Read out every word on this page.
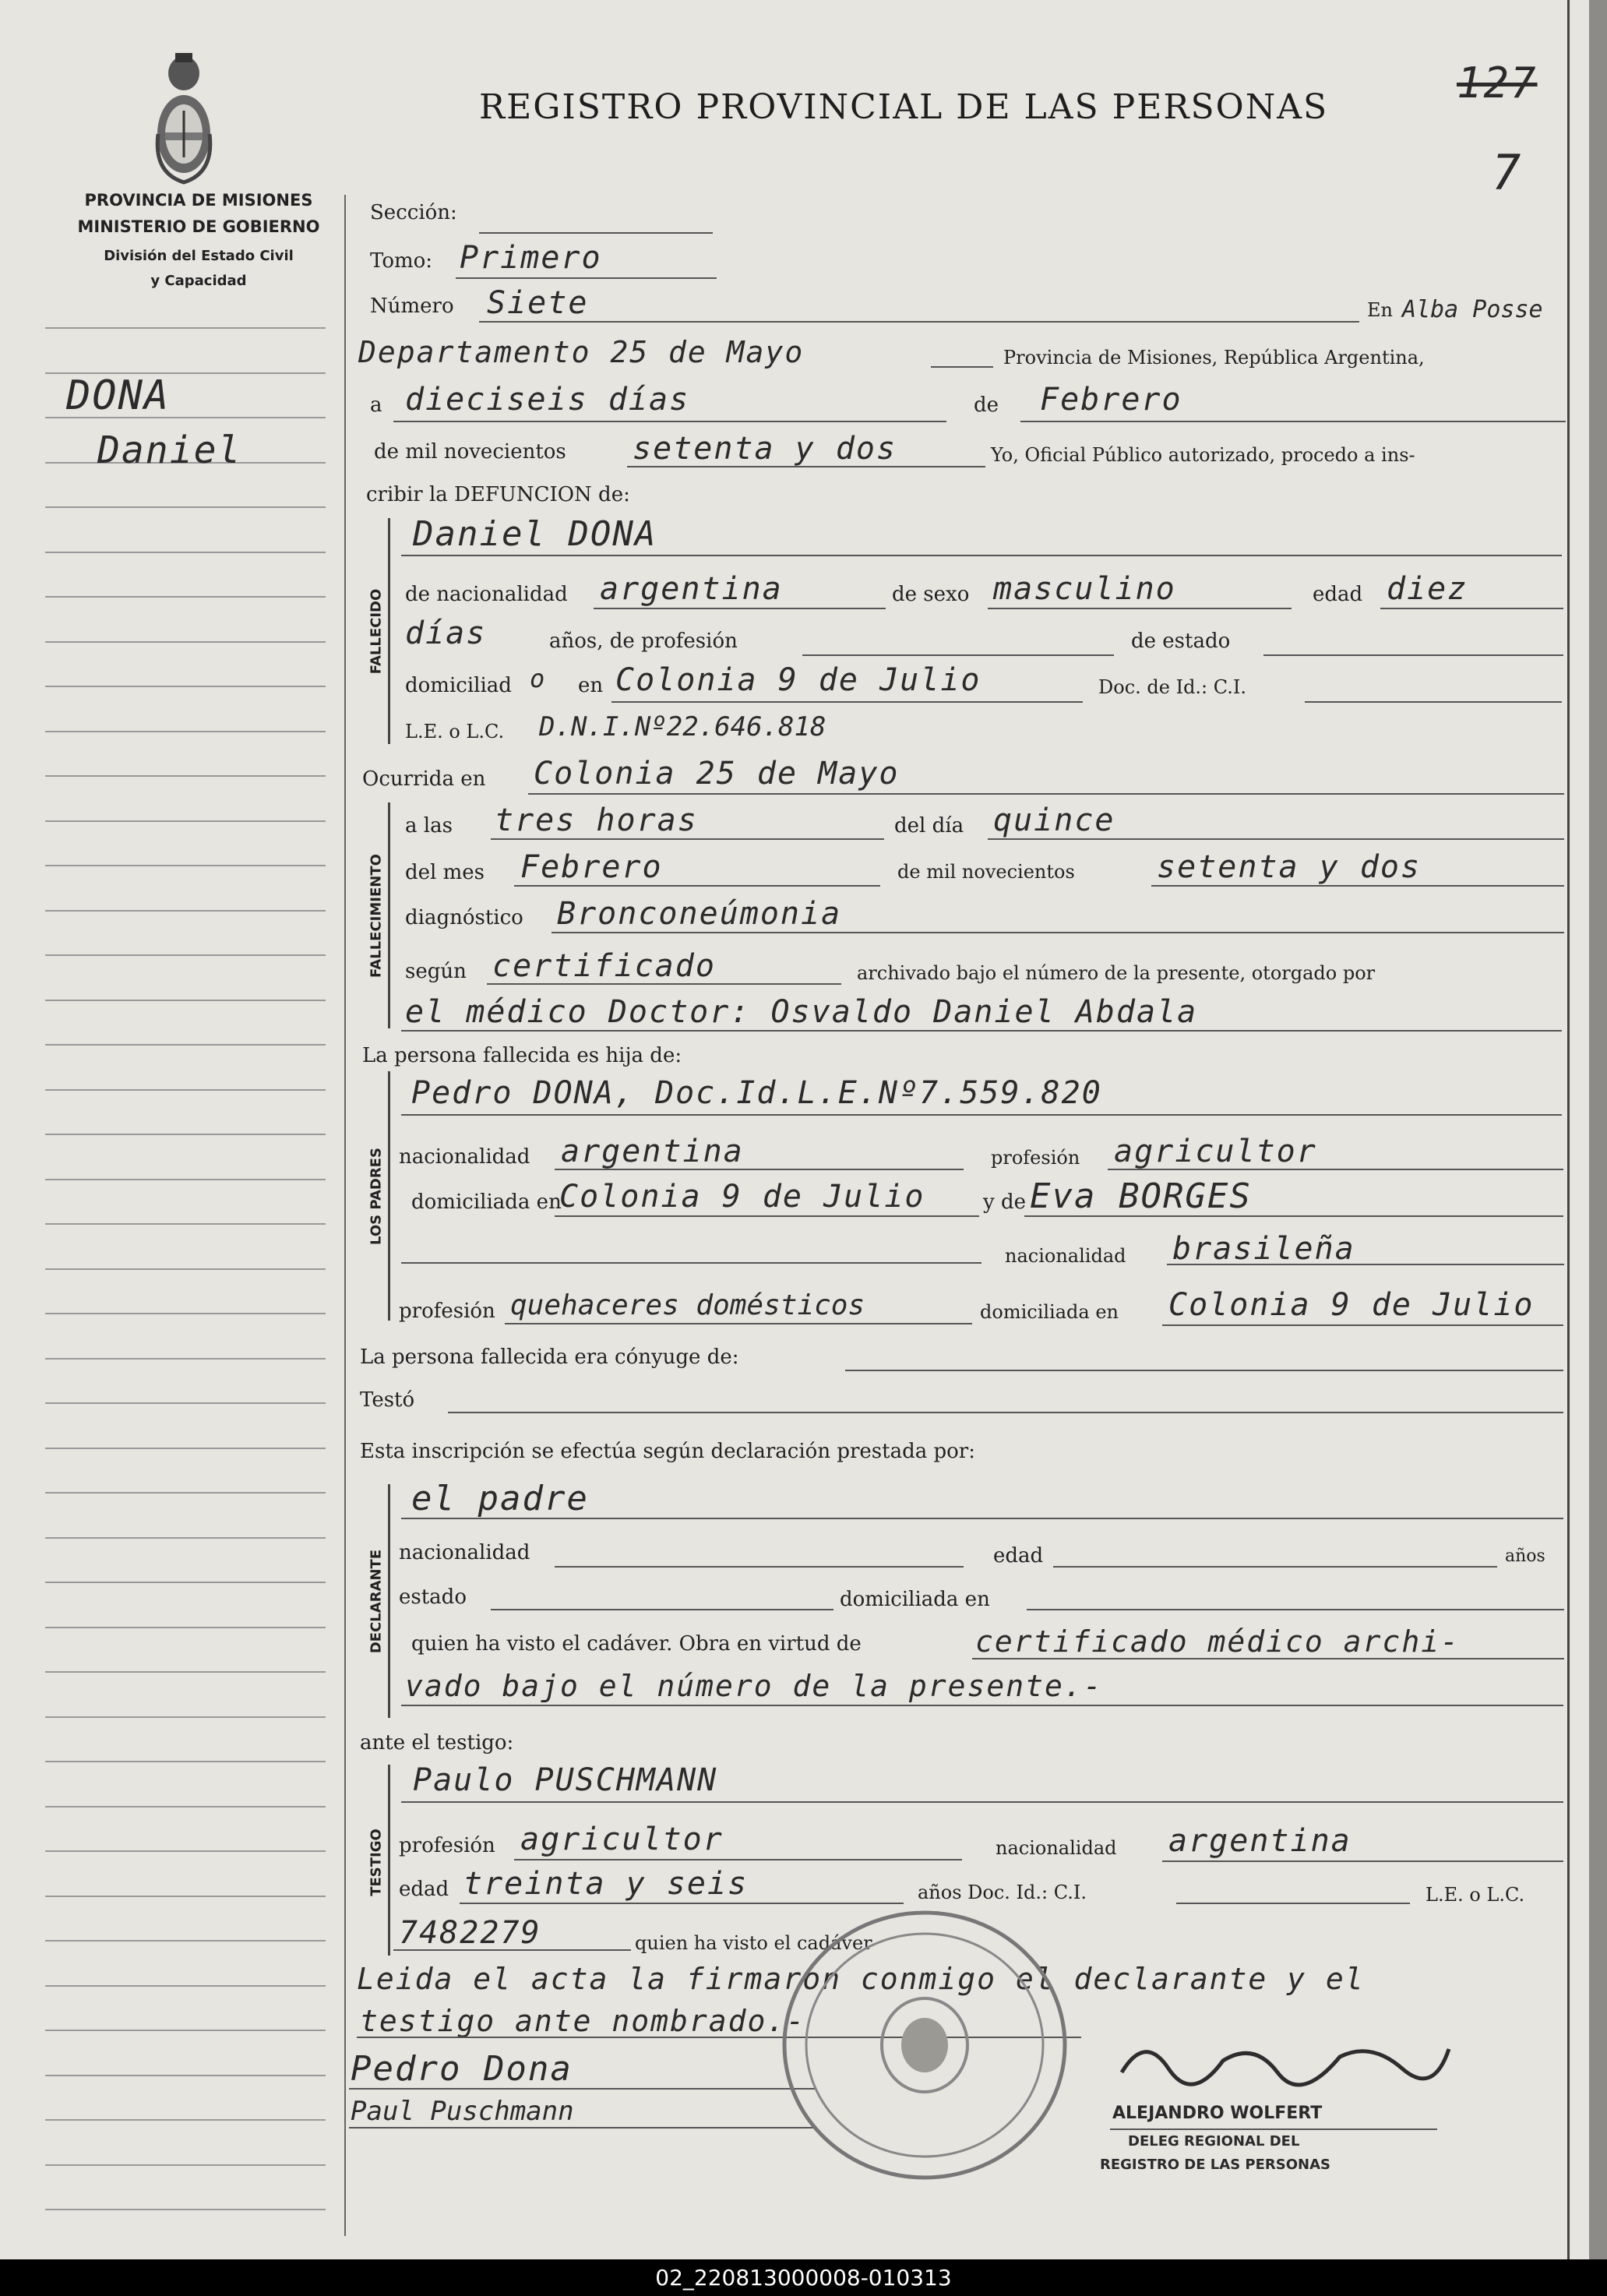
PROVINCIA DE MISIONES
MINISTERIO DE GOBIERNO
División del Estado Civil
y Capacidad
REGISTRO PROVINCIAL DE LAS PERSONAS	127
7
DONA
Daniel
FALLECIDO
FALLECIMIENTO
LOS PADRES
DECLARANTE
TESTIGO
Sección:
Tomo: Primero
Número Siete	En Alba Posse
Departamento 25 de Mayo	Provincia de Misiones, República Argentina,
a dieciseis días	de Febrero
de mil novecientos setenta y dos	Yo, Oficial Público autorizado, procedo a ins-
cribir la DEFUNCION de:
Daniel DONA
de nacionalidad argentina	de sexo masculino	edad diez
días	años, de profesión	de estado
domiciliad o en Colonia 9 de Julio	Doc. de Id.: C.I.
L.E. o L.C. D.N.I.Nº22.646.818
Ocurrida en Colonia 25 de Mayo
a las tres horas	del día quince
del mes Febrero	de mil novecientos	setenta y dos
diagnóstico Bronconeúmonia
según certificado	archivado bajo el número de la presente, otorgado por
el médico Doctor: Osvaldo Daniel Abdala
La persona fallecida es hija de:
Pedro DONA, Doc.Id.L.E.Nº7.559.820
nacionalidad argentina	profesión agricultor
domiciliada en
Colonia 9 de Julio	y de Eva BORGES
nacionalidad brasileña
profesión quehaceres domésticos	domiciliada en Colonia 9 de Julio
La persona fallecida era cónyuge de:
Testó
Esta inscripción se efectúa según declaración prestada por:
el padre
nacionalidad	edad	años
estado	domiciliada en
quien ha visto el cadáver. Obra en virtud de	certificado médico archi-
vado bajo el número de la presente.-
ante el testigo:
Paulo PUSCHMANN
profesión agricultor	nacionalidad argentina
edad treinta y seis	años Doc. Id.: C.I.	L.E. o L.C.
7482279	quien ha visto el cadáver
Leida el acta la firmaron conmigo el declarante y el
testigo ante nombrado.-
Pedro Dona
Paul Puschmann	ALEJANDRO WOLFERT
DELEG REGIONAL DEL
REGISTRO DE LAS PERSONAS
02_220813000008-010313
